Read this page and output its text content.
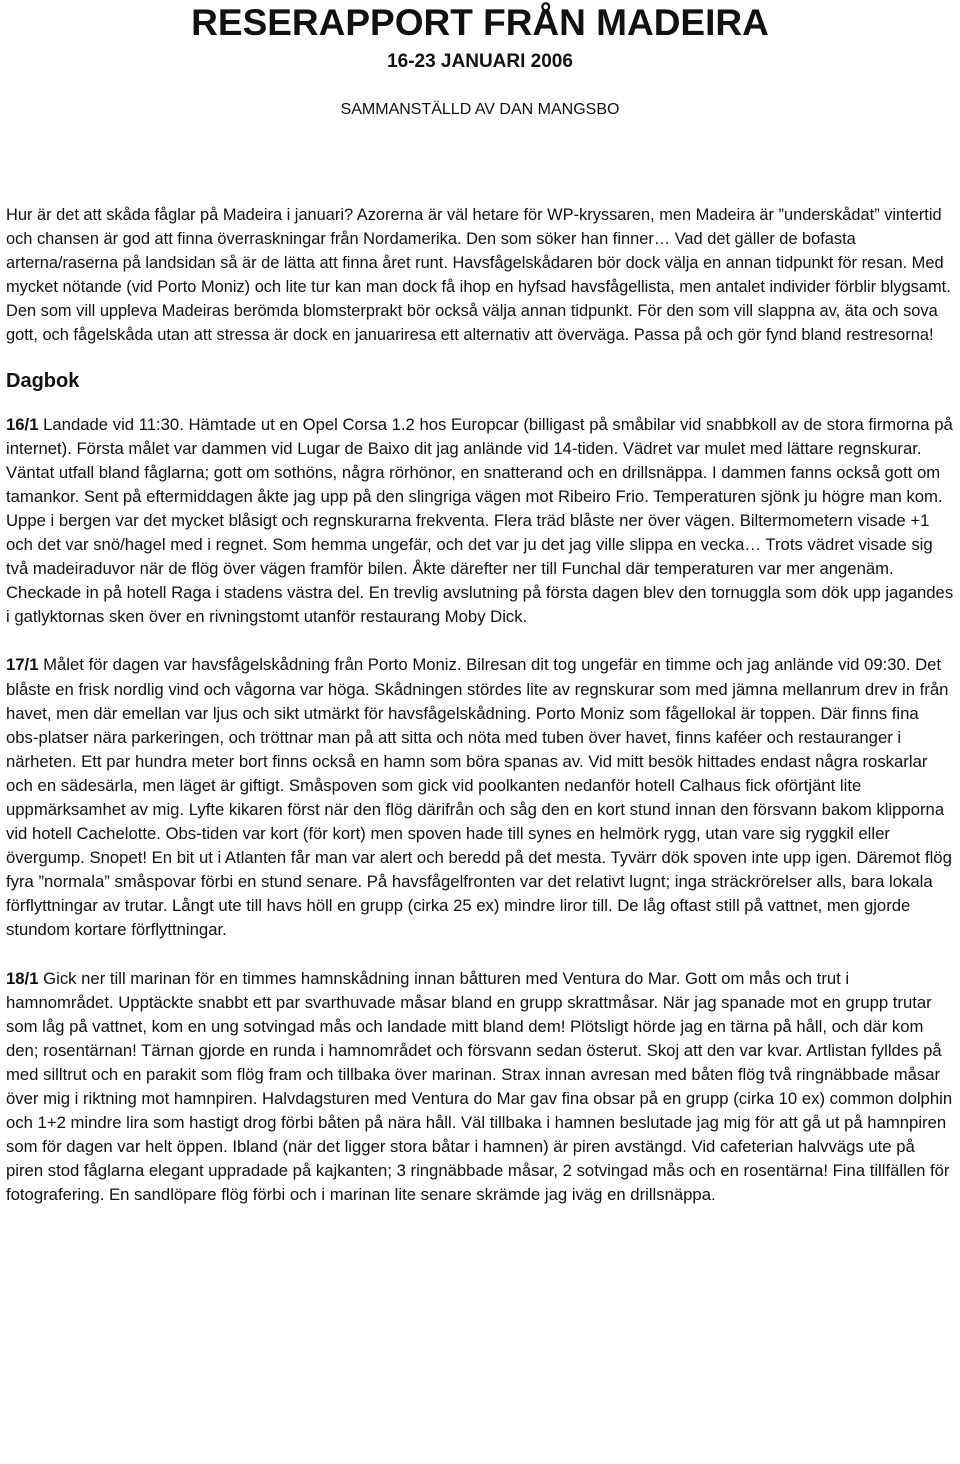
RESERAPPORT FRÅN MADEIRA

16-23 JANUARI 2006

SAMMANSTÄLLD AV DAN MANGSBO

Hur är det att skåda fåglar på Madeira i januari? Azorerna är väl hetare för WP-kryssaren, men Madeira är ”underskådat” vintertid och chansen är god att finna överraskningar från Nordamerika. Den som söker han finner… Vad det gäller de bofasta arterna/raserna på landsidan så är de lätta att finna året runt. Havsfågelskådaren bör dock välja en annan tidpunkt för resan. Med mycket nötande (vid Porto Moniz) och lite tur kan man dock få ihop en hyfsad havsfågellista, men antalet individer förblir blygsamt. Den som vill uppleva Madeiras berömda blomsterprakt bör också välja annan tidpunkt. För den som vill slappna av, äta och sova gott, och fågelskåda utan att stressa är dock en januariresa ett alternativ att överväga. Passa på och gör fynd bland restresorna!

Dagbok

16/1 Landade vid 11:30. Hämtade ut en Opel Corsa 1.2 hos Europcar (billigast på småbilar vid snabbkoll av de stora firmorna på internet). Första målet var dammen vid Lugar de Baixo dit jag anlände vid 14-tiden. Vädret var mulet med lättare regnskurar. Väntat utfall bland fåglarna; gott om sothöns, några rörhönor, en snatterand och en drillsnäppa. I dammen fanns också gott om tamankor. Sent på eftermiddagen åkte jag upp på den slingriga vägen mot Ribeiro Frio. Temperaturen sjönk ju högre man kom. Uppe i bergen var det mycket blåsigt och regnskurarna frekventa. Flera träd blåste ner över vägen. Biltermometern visade +1 och det var snö/hagel med i regnet. Som hemma ungefär, och det var ju det jag ville slippa en vecka… Trots vädret visade sig två madeiraduvor när de flög över vägen framför bilen. Åkte därefter ner till Funchal där temperaturen var mer angenäm. Checkade in på hotell Raga i stadens västra del. En trevlig avslutning på första dagen blev den tornuggla som dök upp jagandes i gatlyktornas sken över en rivningstomt utanför restaurang Moby Dick.

17/1 Målet för dagen var havsfågelskådning från Porto Moniz. Bilresan dit tog ungefär en timme och jag anlände vid 09:30. Det blåste en frisk nordlig vind och vågorna var höga. Skådningen stördes lite av regnskurar som med jämna mellanrum drev in från havet, men där emellan var ljus och sikt utmärkt för havsfågelskådning. Porto Moniz som fågellokal är toppen. Där finns fina obs-platser nära parkeringen, och tröttnar man på att sitta och nöta med tuben över havet, finns kaféer och restauranger i närheten. Ett par hundra meter bort finns också en hamn som böra spanas av. Vid mitt besök hittades endast några roskarlar och en sädesärla, men läget är giftigt. Småspoven som gick vid poolkanten nedanför hotell Calhaus fick oförtjänt lite uppmärksamhet av mig. Lyfte kikaren först när den flög därifrån och såg den en kort stund innan den försvann bakom klipporna vid hotell Cachelotte. Obs-tiden var kort (för kort) men spoven hade till synes en helmörk rygg, utan vare sig ryggkil eller övergump. Snopet! En bit ut i Atlanten får man var alert och beredd på det mesta. Tyvärr dök spoven inte upp igen. Däremot flög fyra ”normala” småspovar förbi en stund senare. På havsfågelfronten var det relativt lugnt; inga sträckrörelser alls, bara lokala förflyttningar av trutar. Långt ute till havs höll en grupp (cirka 25 ex) mindre liror till. De låg oftast still på vattnet, men gjorde stundom kortare förflyttningar.

18/1 Gick ner till marinan för en timmes hamnskådning innan båtturen med Ventura do Mar. Gott om mås och trut i hamnområdet. Upptäckte snabbt ett par svarthuvade måsar bland en grupp skrattmåsar. När jag spanade mot en grupp trutar som låg på vattnet, kom en ung sotvingad mås och landade mitt bland dem! Plötsligt hörde jag en tärna på håll, och där kom den; rosentärnan! Tärnan gjorde en runda i hamnområdet och försvann sedan österut. Skoj att den var kvar. Artlistan fylldes på med silltrut och en parakit som flög fram och tillbaka över marinan. Strax innan avresan med båten flög två ringnäbbade måsar över mig i riktning mot hamnpiren. Halvdagsturen med Ventura do Mar gav fina obsar på en grupp (cirka 10 ex) common dolphin och 1+2 mindre lira som hastigt drog förbi båten på nära håll. Väl tillbaka i hamnen beslutade jag mig för att gå ut på hamnpiren som för dagen var helt öppen. Ibland (när det ligger stora båtar i hamnen) är piren avstängd. Vid cafeterian halvvägs ute på piren stod fåglarna elegant uppradade på kajkanten; 3 ringnäbbade måsar, 2 sotvingad mås och en rosentärna! Fina tillfällen för fotografering. En sandlöpare flög förbi och i marinan lite senare skrämde jag iväg en drillsnäppa.
